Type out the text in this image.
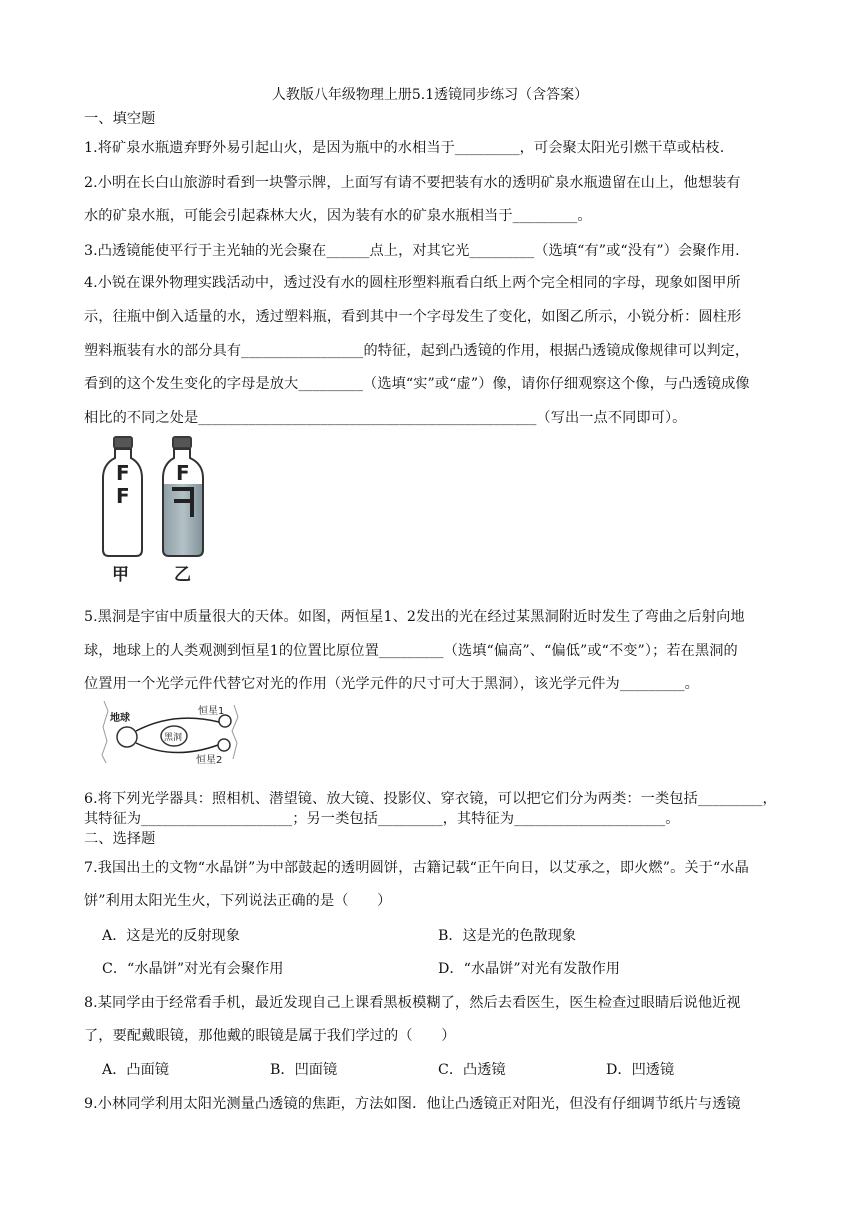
人教版八年级物理上册5.1透镜同步练习（含答案）
一、填空题
1.将矿泉水瓶遗弃野外易引起山火，是因为瓶中的水相当于_________，可会聚太阳光引燃干草或枯枝.
2.小明在长白山旅游时看到一块警示牌，上面写有请不要把装有水的透明矿泉水瓶遗留在山上，他想装有
水的矿泉水瓶，可能会引起森林大火，因为装有水的矿泉水瓶相当于_________。
3.凸透镜能使平行于主光轴的光会聚在______点上，对其它光_________（选填“有”或“没有”）会聚作用.
4.小锐在课外物理实践活动中，透过没有水的圆柱形塑料瓶看白纸上两个完全相同的字母，现象如图甲所
示，往瓶中倒入适量的水，透过塑料瓶，看到其中一个字母发生了变化，如图乙所示，小锐分析：圆柱形
塑料瓶装有水的部分具有_________________的特征，起到凸透镜的作用，根据凸透镜成像规律可以判定，
看到的这个发生变化的字母是放大_________（选填“实”或“虚”）像，请你仔细观察这个像，与凸透镜成像
相比的不同之处是_______________________________________________（写出一点不同即可）。
F
F
F
甲	乙
5.黑洞是宇宙中质量很大的天体。如图，两恒星1、2发出的光在经过某黑洞附近时发生了弯曲之后射向地
球，地球上的人类观测到恒星1的位置比原位置_________（选填“偏高”、“偏低”或“不变”）；若在黑洞的
位置用一个光学元件代替它对光的作用（光学元件的尺寸可大于黑洞），该光学元件为_________。
地球
黑洞
恒星1
恒星2
6.将下列光学器具：照相机、潜望镜、放大镜、投影仪、穿衣镜，可以把它们分为两类：一类包括_________，
其特征为_____________________；另一类包括_________，其特征为_____________________。
二、选择题
7.我国出土的文物“水晶饼”为中部鼓起的透明圆饼，古籍记载“正午向日，以艾承之，即火燃”。关于“水晶
饼”利用太阳光生火，下列说法正确的是（　　）
A．这是光的反射现象	B．这是光的色散现象
C．“水晶饼”对光有会聚作用	D．“水晶饼”对光有发散作用
8.某同学由于经常看手机，最近发现自己上课看黑板模糊了，然后去看医生，医生检查过眼睛后说他近视
了，要配戴眼镜，那他戴的眼镜是属于我们学过的（　　）
A．凸面镜	B．凹面镜	C．凸透镜	D．凹透镜
9.小林同学利用太阳光测量凸透镜的焦距，方法如图．他让凸透镜正对阳光，但没有仔细调节纸片与透镜
